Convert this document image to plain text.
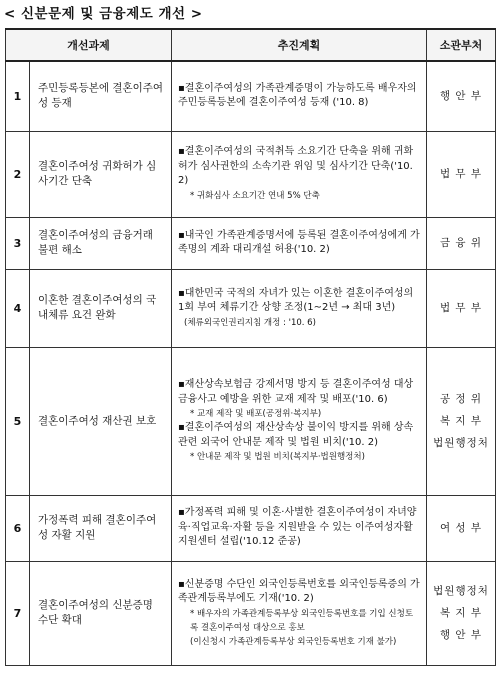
< 신분문제 및 금융제도 개선 >
개선과제		추진계획	소관부처
1	주민등록등본에 결혼이주여성 등재	▪결혼이주여성의 가족관계증명이 가능하도록 배우자의 주민등록등본에 결혼이주여성 등재 ('10. 8)	행 안 부

2	결혼이주여성 귀화허가 심사기간 단축	▪결혼이주여성의 국적취득 소요기간 단축을 위해 귀화허가 심사권한의 소속기관 위임 및 심사기간 단축('10. 2)
* 귀화심사 소요기간 연내 5% 단축	법 무 부

3	결혼이주여성의 금융거래 불편 해소	▪내국인 가족관계증명서에 등록된 결혼이주여성에게 가족명의 계좌 대리개설 허용('10. 2)	금 융 위

4	이혼한 결혼이주여성의 국내체류 요건 완화	▪대한민국 국적의 자녀가 있는 이혼한 결혼이주여성의 1회 부여 체류기간 상향 조정(1∼2년 → 최대 3년)
(체류외국인권리지침 개정 : '10. 6)	법 무 부

5	결혼이주여성 재산권 보호	▪재산상속보험금 강제서명 방지 등 결혼이주여성 대상 금융사고 예방을 위한 교재 제작 및 배포('10. 6)
* 교재 제작 및 배포(공정위·복지부)
▪결혼이주여성의 재산상속상 불이익 방지를 위해 상속 관련 외국어 안내문 제작 및 법원 비치('10. 2)
* 안내문 제작 및 법원 비치(복지부·법원행정처)	공 정 위
복 지 부
법원행정처

6	가정폭력 피해 결혼이주여성 자활 지원	▪가정폭력 피해 및 이혼·사별한 결혼이주여성이 자녀양육·직업교육·자활 등을 지원받을 수 있는 이주여성자활지원센터 설립('10.12 준공)	여 성 부

7	결혼이주여성의 신분증명 수단 확대	▪신분증명 수단인 외국인등록번호를 외국인등록증의 가족관계등록부에도 기재('10. 2)
* 배우자의 가족관계등록부상 외국인등록번호를 기입 신청토록 결혼이주여성 대상으로 홍보
(이신청시 가족관계등록부상 외국인등록번호 기재 불가)	법원행정처
복 지 부
행 안 부
